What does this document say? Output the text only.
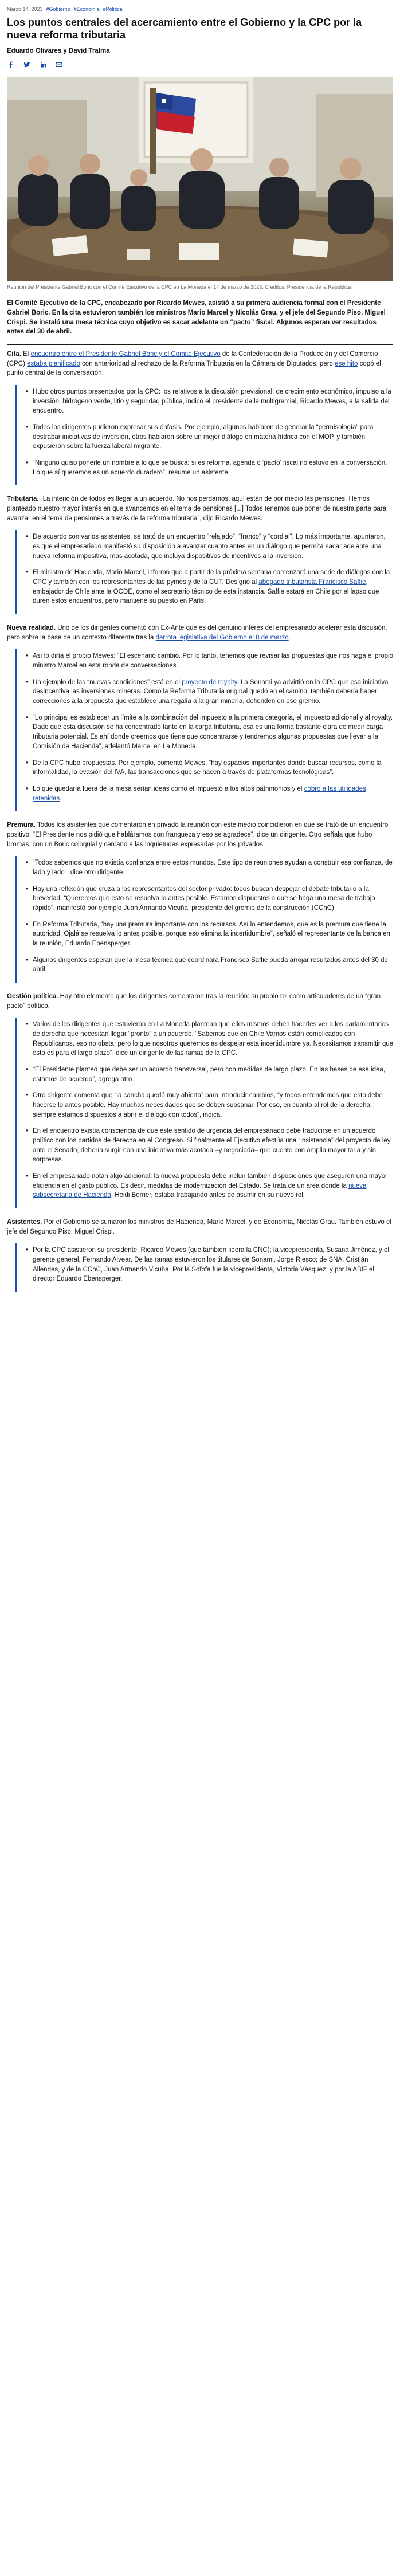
Marzo 14, 2023 #Gobierno #Economia #Politica
Los puntos centrales del acercamiento entre el Gobierno y la CPC por la nueva reforma tributaria
Eduardo Olivares y David Tralma
Reunión del Presidente Gabriel Boric con el Comité Ejecutivo de la CPC en La Moneda el 14 de marzo de 2023. Créditos: Presidencia de la República

El Comité Ejecutivo de la CPC, encabezado por Ricardo Mewes, asistió a su primera audiencia formal con el Presidente Gabriel Boric. En la cita estuvieron también los ministros Mario Marcel y Nicolás Grau, y el jefe del Segundo Piso, Miguel Crispi. Se instaló una mesa técnica cuyo objetivo es sacar adelante un “pacto” fiscal. Algunos esperan ver resultados antes del 30 de abril.

Cita. El encuentro entre el Presidente Gabriel Boric y el Comité Ejecutivo de la Confederación de la Producción y del Comercio (CPC) estaba planificado con anterioridad al rechazo de la Reforma Tributaria en la Cámara de Diputados, pero ese hito copó el punto central de la conversación.

• Hubo otros puntos presentados por la CPC: los relativos a la discusión previsional, de crecimiento económico, impulso a la inversión, hidrógeno verde, litio y seguridad pública, indicó el presidente de la multigremial, Ricardo Mewes, a la salida del encuentro.
• Todos los dirigentes pudieron expresar sus énfasis. Por ejemplo, algunos hablaron de generar la “permisología” para destrabar iniciativas de inversión, otros hablaron sobre un mejor diálogo en materia hídrica con el MOP, y también expusieron sobre la fuerza laboral migrante.
• “Ninguno quiso ponerle un nombre a lo que se busca: si es reforma, agenda o ‘pacto’ fiscal no estuvo en la conversación. Lo que sí queremos es un acuerdo duradero”, resume un asistente.

Tributaria. “La intención de todos es llegar a un acuerdo. No nos perdamos, aquí están de por medio las pensiones. Hemos planteado nuestro mayor interés en que avancemos en el tema de pensiones [...] Todos tenemos que poner de nuestra parte para avanzar en el tema de pensiones a través de la reforma tributaria”, dijo Ricardo Mewes.

• De acuerdo con varios asistentes, se trató de un encuentro “relajado”, “franco” y “cordial”. Lo más importante, apuntaron, es que el empresariado manifestó su disposición a avanzar cuanto antes en un diálogo que permita sacar adelante una nueva reforma impositiva, más acotada, que incluya dispositivos de incentivos a la inversión.
• El ministro de Hacienda, Mario Marcel, informó que a partir de la próxima semana comenzará una serie de diálogos con la CPC y también con los representantes de las pymes y de la CUT. Designó al abogado tributarista Francisco Saffie, embajador de Chile ante la OCDE, como el secretario técnico de esta instancia. Saffie estará en Chile por el lapso que duren estos encuentros, pero mantiene su puesto en París.

Nueva realidad. Uno de los dirigentes comentó con Ex-Ante que es del genuino interés del empresariado acelerar esta discusión, pero sobre la base de un contexto diferente tras la derrota legislativa del Gobierno el 8 de marzo.

• Así lo diría el propio Mewes: “El escenario cambió. Por lo tanto, tenemos que revisar las propuestas que nos haga el propio ministro Marcel en esta ronda de conversaciones”.
• Un ejemplo de las “nuevas condiciones” está en el proyecto de royalty. La Sonami ya advirtió en la CPC que esa iniciativa desincentiva las inversiones mineras. Como la Reforma Tributaria original quedó en el camino, también debería haber correcciones a la propuesta que establece una regalía a la gran minería, defienden en ese gremio.
• “Lo principal es establecer un límite a la combinación del impuesto a la primera categoría, el impuesto adicional y al royalty. Dado que esta discusión se ha concentrado tanto en la carga tributaria, esa es una forma bastante clara de medir carga tributaria potencial. Es ahí donde creemos que tiene que concentrarse y tendremos algunas propuestas que llevar a la Comisión de Hacienda”, adelantó Marcel en La Moneda.
• De la CPC hubo propuestas. Por ejemplo, comentó Mewes, “hay espacios importantes donde buscar recursos, como la informalidad, la evasión del IVA, las transacciones que se hacen a través de plataformas tecnológicas”.
• Lo que quedaría fuera de la mesa serían ideas como el impuesto a los altos patrimonios y el cobro a las utilidades retenidas.

Premura. Todos los asistentes que comentaron en privado la reunión con este medio coincidieron en que se trató de un encuentro positivo. “El Presidente nos pidió que habláramos con franqueza y eso se agradece”, dice un dirigente. Otro señala que hubo bromas, con un Boric coloquial y cercano a las inquietudes expresadas por los privados.

• “Todos sabemos que no existía confianza entre estos mundos. Este tipo de reuniones ayudan a construir esa confianza, de lado y lado”, dice otro dirigente.
• Hay una reflexión que cruza a los representantes del sector privado: todos buscan despejar el debate tributario a la brevedad. “Queremos que esto se resuelva lo antes posible. Estamos dispuestos a que se haga una mesa de trabajo rápido”, manifestó por ejemplo Juan Armando Vicuña, presidente del gremio de la construcción (CChC).
• En Reforma Tributaria, “hay una premura importante con los recursos. Así lo entendemos, que es la premura que tiene la autoridad. Ojalá se resuelva lo antes posible, porque eso elimina la incertidumbre”, señaló el representante de la banca en la reunión, Eduardo Ebensperger.
• Algunos dirigentes esperan que la mesa técnica que coordinará Francisco Saffie pueda arrojar resultados antes del 30 de abril.

Gestión política. Hay otro elemento que los dirigentes comentaron tras la reunión: su propio rol como articuladores de un “gran pacto” político.

• Varios de los dirigentes que estuvieron en La Moneda plantean que ellos mismos deben hacerles ver a los parlamentarios de derecha que necesitan llegar “pronto” a un acuerdo. “Sabemos que en Chile Vamos están complicados con Republicanos, eso no obsta, pero lo que nosotros queremos es despejar esta incertidumbre ya. Necesitamos transmitir que esto es para el largo plazo”, dice un dirigente de las ramas de la CPC.
• “El Presidente planteó que debe ser un acuerdo transversal, pero con medidas de largo plazo. En las bases de esa idea, estamos de acuerdo”, agrega otro.
• Otro dirigente comenta que “la cancha quedó muy abierta” para introducir cambios, “y todos entendemos que esto debe hacerse lo antes posible. Hay muchas necesidades que se deben subsanar. Por eso, en cuanto al rol de la derecha, siempre estamos dispuestos a abrir el diálogo con todos”, indica.
• En el encuentro existía consciencia de que este sentido de urgencia del empresariado debe traducirse en un acuerdo político con los partidos de derecha en el Congreso. Si finalmente el Ejecutivo efectúa una “insistencia” del proyecto de ley ante el Senado, debería surgir con una iniciativa más acotada –y negociada– que cuente con amplia mayoritaria y sin sorpresas.
• En el empresariado notan algo adicional: la nueva propuesta debe incluir también disposiciones que aseguren una mayor eficiencia en el gasto público. Es decir, medidas de modernización del Estado. Se trata de un área donde la nueva subsecretaria de Hacienda, Heidi Berner, estaba trabajando antes de asumir en su nuevo rol.

Asistentes. Por el Gobierno se sumaron los ministros de Hacienda, Mario Marcel, y de Economía, Nicolás Grau. También estuvo el jefe del Segundo Piso, Miguel Crispi.

• Por la CPC asistieron su presidente, Ricardo Mewes (que también lidera la CNC); la vicepresidenta, Susana Jiménez, y el gerente general, Fernando Alvear. De las ramas estuvieron los titulares de Sonami, Jorge Riesco; de SNA, Cristián Allendes, y de la CChC, Juan Armando Vicuña. Por la Sofofa fue la vicepresidenta, Victoria Vásquez, y por la ABIF el director Eduardo Ebensperger.
